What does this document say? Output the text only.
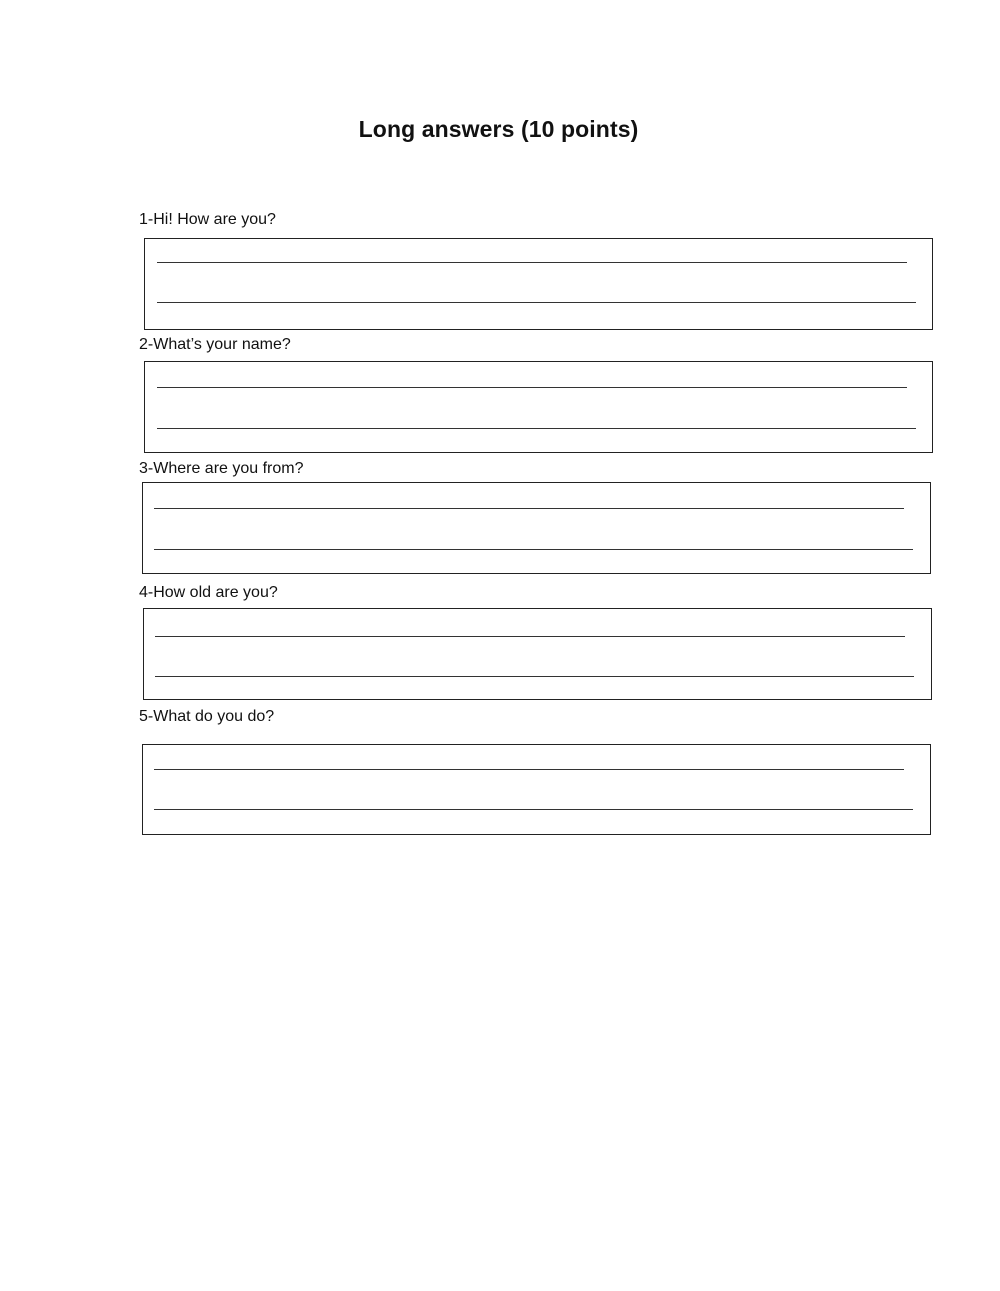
Long answers (10 points)

1-Hi! How are you?

2-What’s your name?

3-Where are you from?

4-How old are you?

5-What do you do?
